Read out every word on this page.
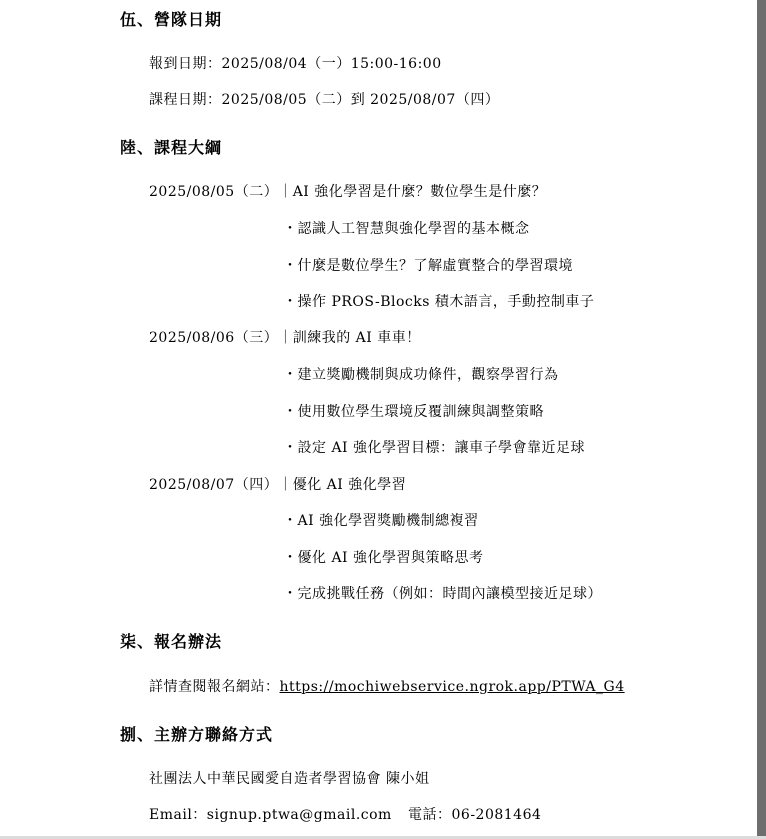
伍、營隊日期
報到日期：2025/08/04（一）15:00-16:00
課程日期：2025/08/05（二）到 2025/08/07（四）
陸、課程大綱
2025/08/05（二）｜AI 強化學習是什麼？數位學生是什麼？
・認識人工智慧與強化學習的基本概念
・什麼是數位學生？了解虛實整合的學習環境
・操作 PROS-Blocks 積木語言，手動控制車子
2025/08/06（三）｜訓練我的 AI 車車！
・建立獎勵機制與成功條件，觀察學習行為
・使用數位學生環境反覆訓練與調整策略
・設定 AI 強化學習目標：讓車子學會靠近足球
2025/08/07（四）｜優化 AI 強化學習
・AI 強化學習獎勵機制總複習
・優化 AI 強化學習與策略思考
・完成挑戰任務（例如：時間內讓模型接近足球）
柒、報名辦法
詳情查閱報名網站：https://mochiwebservice.ngrok.app/PTWA_G4
捌、主辦方聯絡方式
社團法人中華民國愛自造者學習協會 陳小姐
Email：signup.ptwa@gmail.com 電話：06-2081464
